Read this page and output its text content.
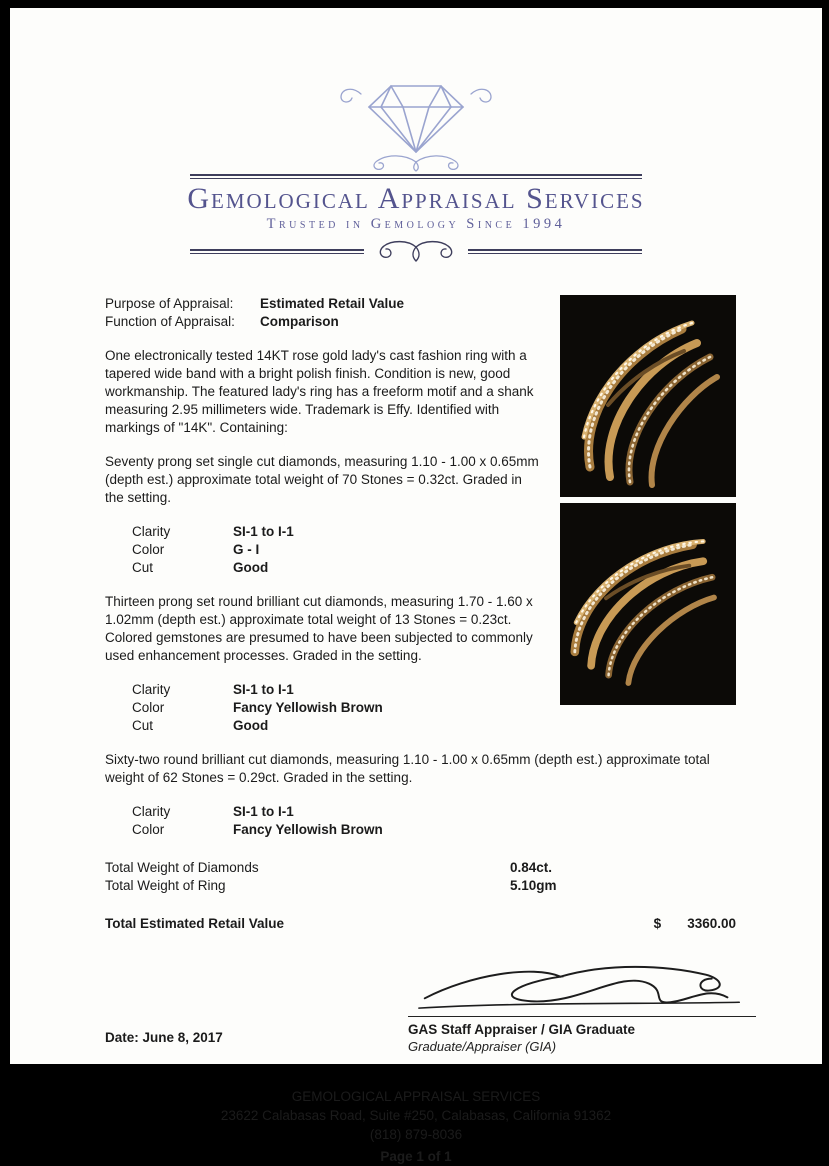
Gemological Appraisal Services
Trusted in Gemology Since 1994
Purpose of Appraisal:	Estimated Retail Value
Function of Appraisal:	Comparison
One electronically tested 14KT rose gold lady's cast fashion ring with a tapered wide band with a bright polish finish. Condition is new, good workmanship. The featured lady's ring has a freeform motif and a shank measuring 2.95 millimeters wide. Trademark is Effy. Identified with markings of "14K". Containing:
Seventy prong set single cut diamonds, measuring 1.10 - 1.00 x 0.65mm (depth est.) approximate total weight of 70 Stones = 0.32ct. Graded in the setting.
Clarity	SI-1 to I-1
Color	G - I
Cut	Good
Thirteen prong set round brilliant cut diamonds, measuring 1.70 - 1.60 x 1.02mm (depth est.) approximate total weight of 13 Stones = 0.23ct. Colored gemstones are presumed to have been subjected to commonly used enhancement processes. Graded in the setting.
Clarity	SI-1 to I-1
Color	Fancy Yellowish Brown
Cut	Good
Sixty-two round brilliant cut diamonds, measuring 1.10 - 1.00 x 0.65mm (depth est.) approximate total weight of 62 Stones = 0.29ct. Graded in the setting.
Clarity	SI-1 to I-1
Color	Fancy Yellowish Brown
Total Weight of Diamonds	0.84ct.
Total Weight of Ring	5.10gm
Total Estimated Retail Value	$ 3360.00
Date: June 8, 2017
GAS Staff Appraiser / GIA Graduate
Graduate/Appraiser (GIA)
GEMOLOGICAL APPRAISAL SERVICES
23622 Calabasas Road, Suite #250, Calabasas, California 91362
(818) 879-8036
Page 1 of 1
